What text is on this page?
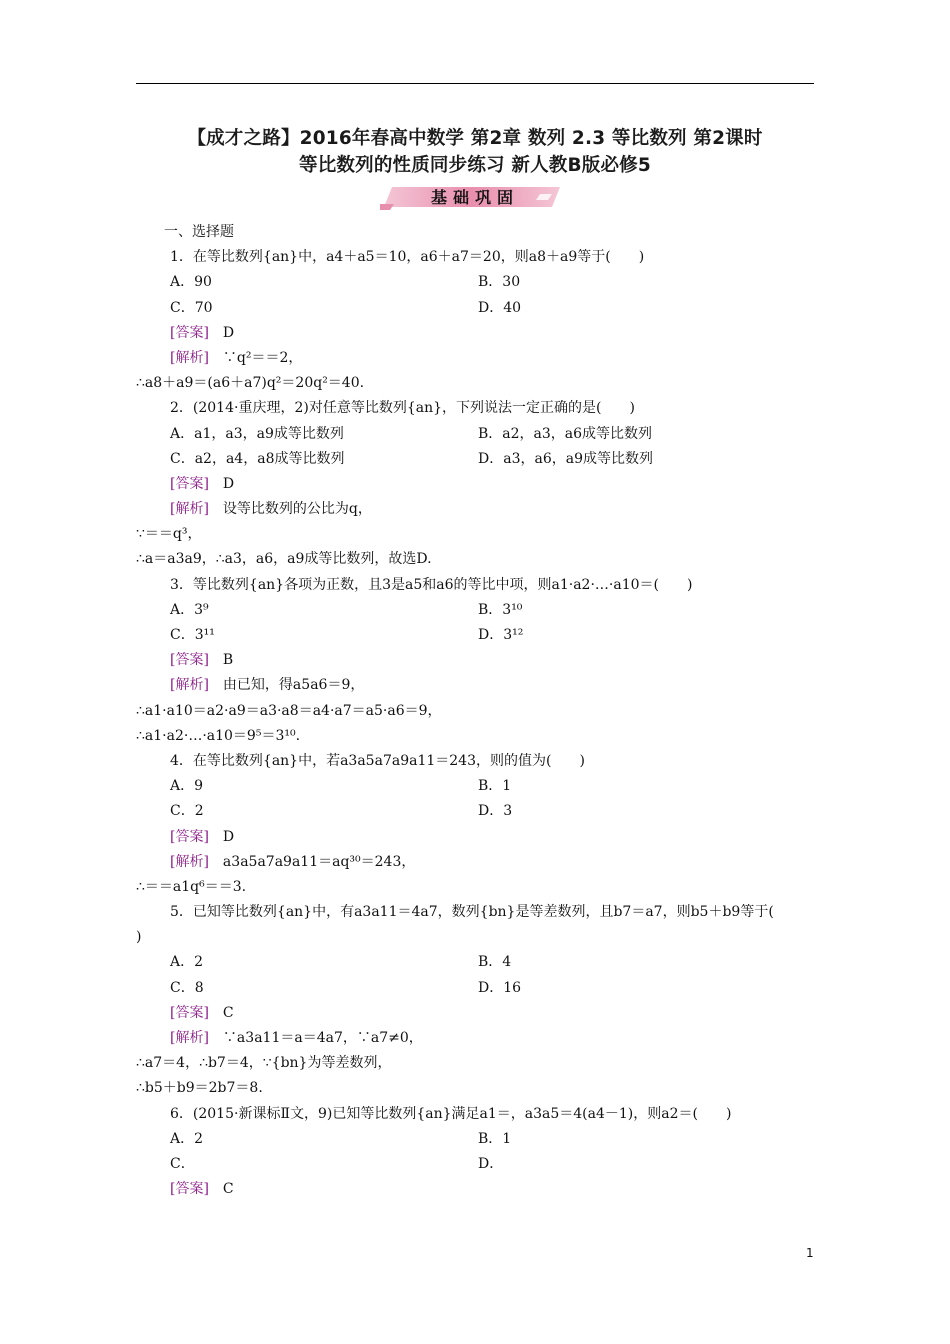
【成才之路】2016年春高中数学 第2章 数列 2.3 等比数列 第2课时
等比数列的性质同步练习 新人教B版必修5
基础巩固
一、选择题
1．在等比数列{an}中，a4＋a5＝10，a6＋a7＝20，则a8＋a9等于(　　)
A．90	B．30
C．70	D．40
[答案]　D
[解析]　∵q²＝＝2，
∴a8＋a9＝(a6＋a7)q²＝20q²＝40.
2．(2014·重庆理，2)对任意等比数列{an}，下列说法一定正确的是(　　)
A．a1，a3，a9成等比数列	B．a2，a3，a6成等比数列
C．a2，a4，a8成等比数列	D．a3，a6，a9成等比数列
[答案]　D
[解析]　设等比数列的公比为q，
∵＝＝q³，
∴a＝a3a9，∴a3，a6，a9成等比数列，故选D.
3．等比数列{an}各项为正数，且3是a5和a6的等比中项，则a1·a2·…·a10＝(　　)
A．3⁹	B．3¹⁰
C．3¹¹	D．3¹²
[答案]　B
[解析]　由已知，得a5a6＝9，
∴a1·a10＝a2·a9＝a3·a8＝a4·a7＝a5·a6＝9，
∴a1·a2·…·a10＝9⁵＝3¹⁰.
4．在等比数列{an}中，若a3a5a7a9a11＝243，则的值为(　　)
A．9	B．1
C．2	D．3
[答案]　D
[解析]　a3a5a7a9a11＝aq³⁰＝243，
∴＝＝a1q⁶＝＝3.
5．已知等比数列{an}中，有a3a11＝4a7，数列{bn}是等差数列，且b7＝a7，则b5＋b9等于(
)
A．2	B．4
C．8	D．16
[答案]　C
[解析]　∵a3a11＝a＝4a7，∵a7≠0，
∴a7＝4，∴b7＝4，∵{bn}为等差数列，
∴b5＋b9＝2b7＝8.
6．(2015·新课标Ⅱ文，9)已知等比数列{an}满足a1＝，a3a5＝4(a4－1)，则a2＝(　　)
A．2	B．1
C．	D．
[答案]　C
1
